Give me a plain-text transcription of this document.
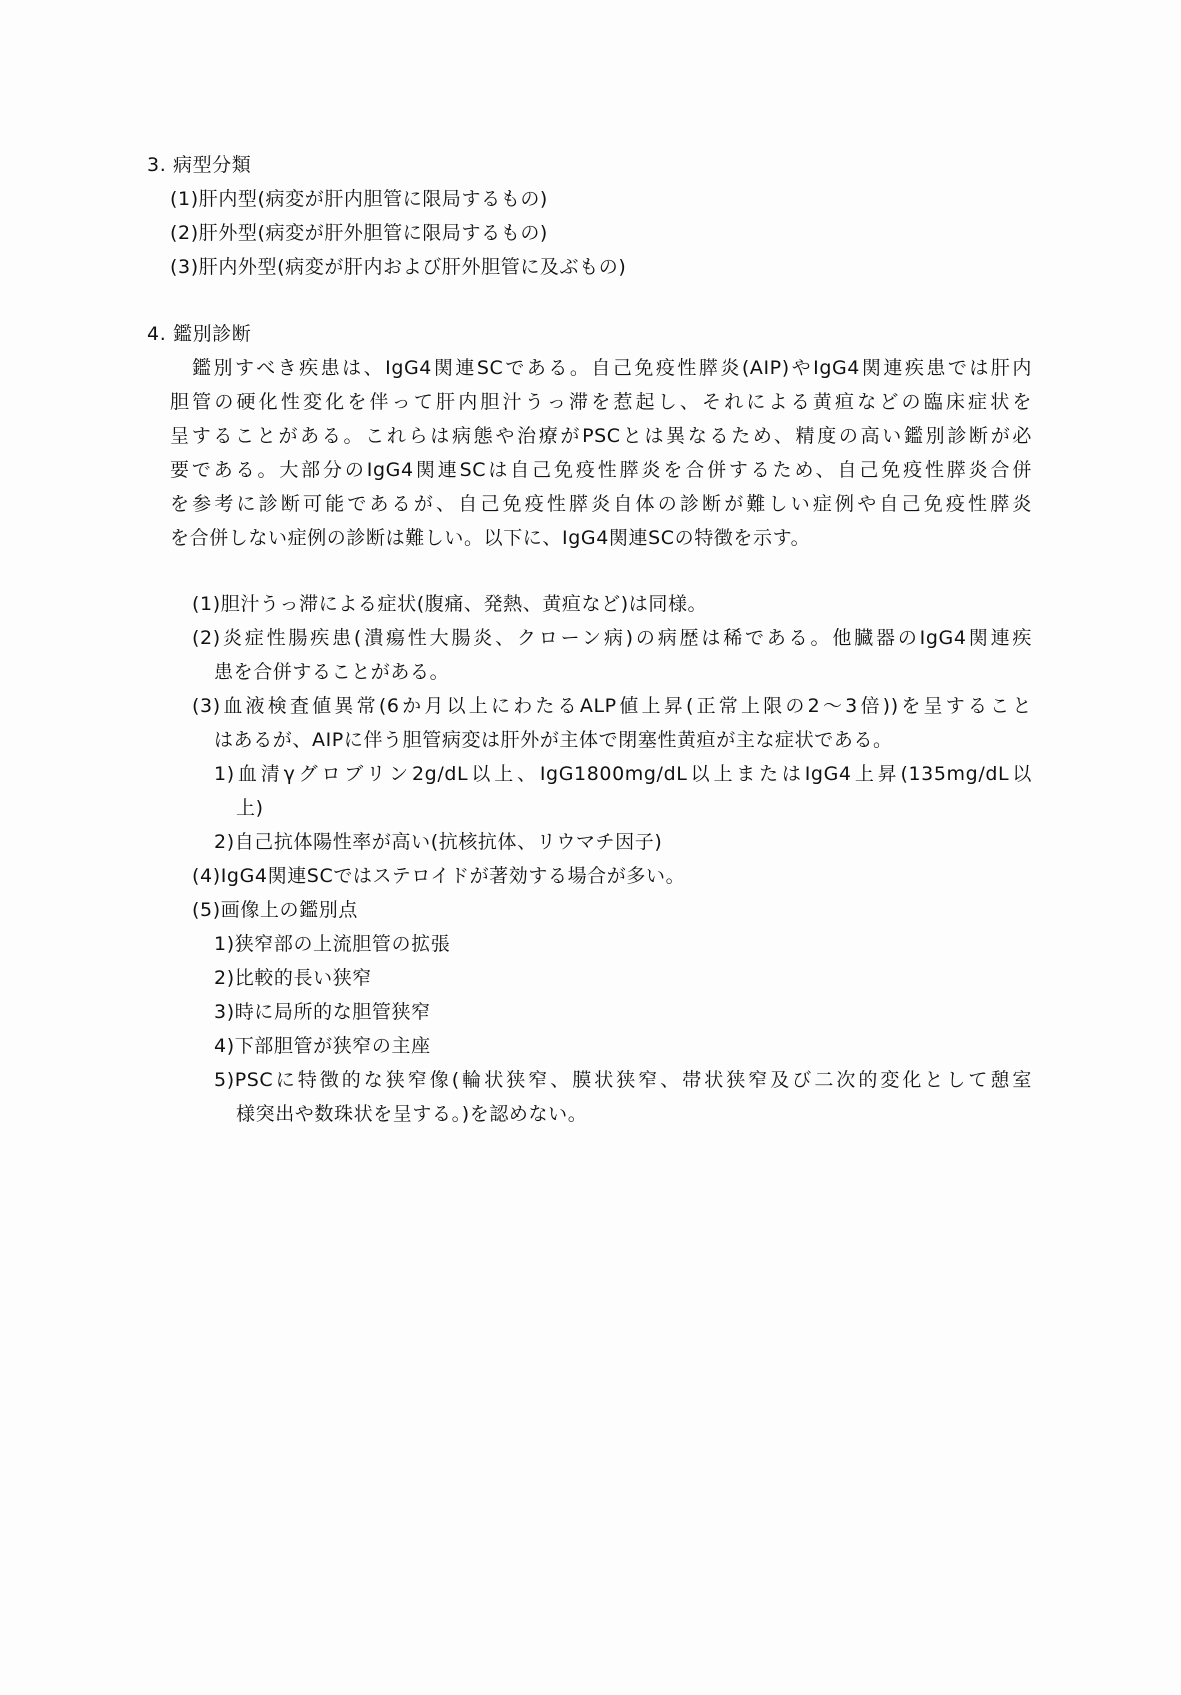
3. 病型分類
(1)肝内型(病変が肝内胆管に限局するもの)
(2)肝外型(病変が肝外胆管に限局するもの)
(3)肝内外型(病変が肝内および肝外胆管に及ぶもの)
4. 鑑別診断
鑑別すべき疾患は、IgG4関連SCである。自己免疫性膵炎(AIP)やIgG4関連疾患では肝内
胆管の硬化性変化を伴って肝内胆汁うっ滞を惹起し、それによる黄疸などの臨床症状を
呈することがある。これらは病態や治療がPSCとは異なるため、精度の高い鑑別診断が必
要である。大部分のIgG4関連SCは自己免疫性膵炎を合併するため、自己免疫性膵炎合併
を参考に診断可能であるが、自己免疫性膵炎自体の診断が難しい症例や自己免疫性膵炎
を合併しない症例の診断は難しい。以下に、IgG4関連SCの特徴を示す。
(1)胆汁うっ滞による症状(腹痛、発熱、黄疸など)は同様。
(2)炎症性腸疾患(潰瘍性大腸炎、クローン病)の病歴は稀である。他臓器のIgG4関連疾
患を合併することがある。
(3)血液検査値異常(6か月以上にわたるALP値上昇(正常上限の2〜3倍))を呈すること
はあるが、AIPに伴う胆管病変は肝外が主体で閉塞性黄疸が主な症状である。
1)血清γグロブリン2g/dL以上、IgG1800mg/dL以上またはIgG4上昇(135mg/dL以
上)
2)自己抗体陽性率が高い(抗核抗体、リウマチ因子)
(4)IgG4関連SCではステロイドが著効する場合が多い。
(5)画像上の鑑別点
1)狭窄部の上流胆管の拡張
2)比較的長い狭窄
3)時に局所的な胆管狭窄
4)下部胆管が狭窄の主座
5)PSCに特徴的な狭窄像(輪状狭窄、膜状狭窄、帯状狭窄及び二次的変化として憩室
様突出や数珠状を呈する。)を認めない。
